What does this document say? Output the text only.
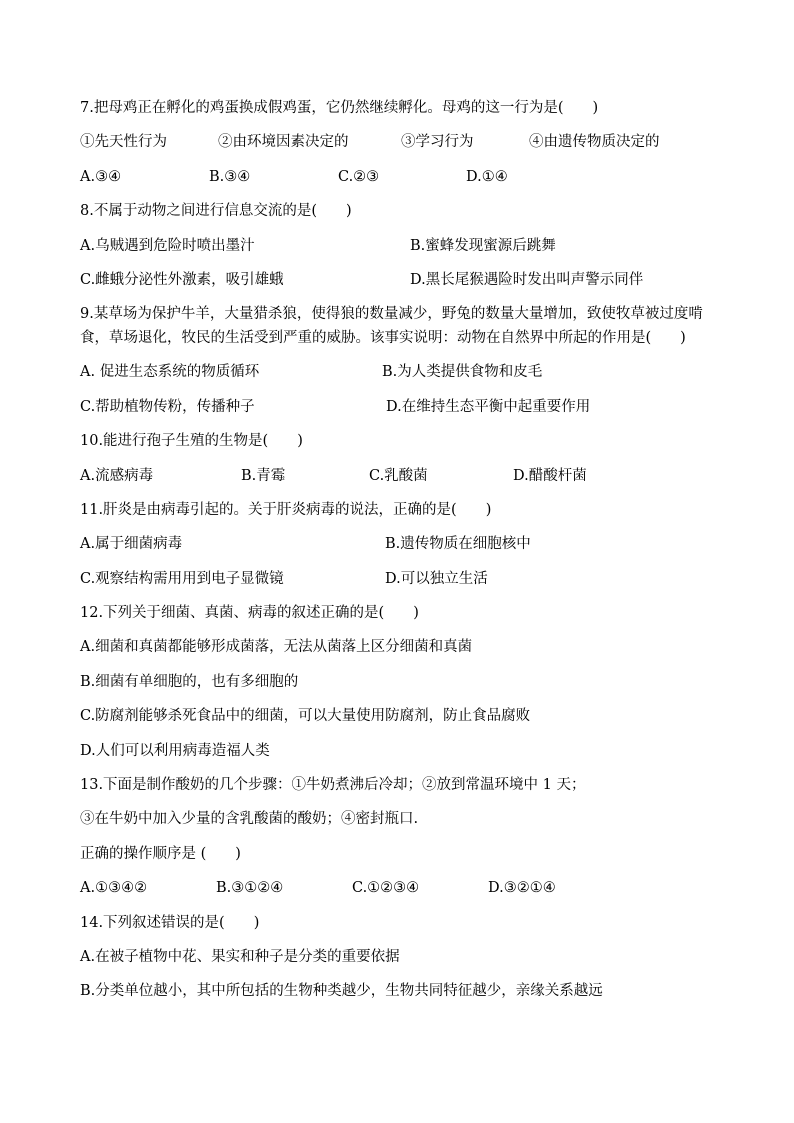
7.把母鸡正在孵化的鸡蛋换成假鸡蛋，它仍然继续孵化。母鸡的这一行为是(　　)
①先天性行为	②由环境因素决定的	③学习行为	④由遗传物质决定的
A.③④	B.③④	C.②③	D.①④
8.不属于动物之间进行信息交流的是(　　)
A.乌贼遇到危险时喷出墨汁	B.蜜蜂发现蜜源后跳舞
C.雌蛾分泌性外激素，吸引雄蛾	D.黑长尾猴遇险时发出叫声警示同伴
9.某草场为保护牛羊，大量猎杀狼，使得狼的数量减少，野兔的数量大量增加，致使牧草被过度啃食，草场退化，牧民的生活受到严重的威胁。该事实说明：动物在自然界中所起的作用是(　　)
A. 促进生态系统的物质循环	B.为人类提供食物和皮毛
C.帮助植物传粉，传播种子	D.在维持生态平衡中起重要作用
10.能进行孢子生殖的生物是(　　)
A.流感病毒	B.青霉	C.乳酸菌	D.醋酸杆菌
11.肝炎是由病毒引起的。关于肝炎病毒的说法，正确的是(　　)
A.属于细菌病毒	B.遗传物质在细胞核中
C.观察结构需用用到电子显微镜	D.可以独立生活
12.下列关于细菌、真菌、病毒的叙述正确的是(　　)
A.细菌和真菌都能够形成菌落，无法从菌落上区分细菌和真菌
B.细菌有单细胞的，也有多细胞的
C.防腐剂能够杀死食品中的细菌，可以大量使用防腐剂，防止食品腐败
D.人们可以利用病毒造福人类
13.下面是制作酸奶的几个步骤：①牛奶煮沸后冷却；②放到常温环境中 1 天；
③在牛奶中加入少量的含乳酸菌的酸奶；④密封瓶口.
正确的操作顺序是 (　　)
A.①③④②	B.③①②④	C.①②③④	D.③②①④
14.下列叙述错误的是(　　)
A.在被子植物中花、果实和种子是分类的重要依据
B.分类单位越小，其中所包括的生物种类越少，生物共同特征越少，亲缘关系越远
